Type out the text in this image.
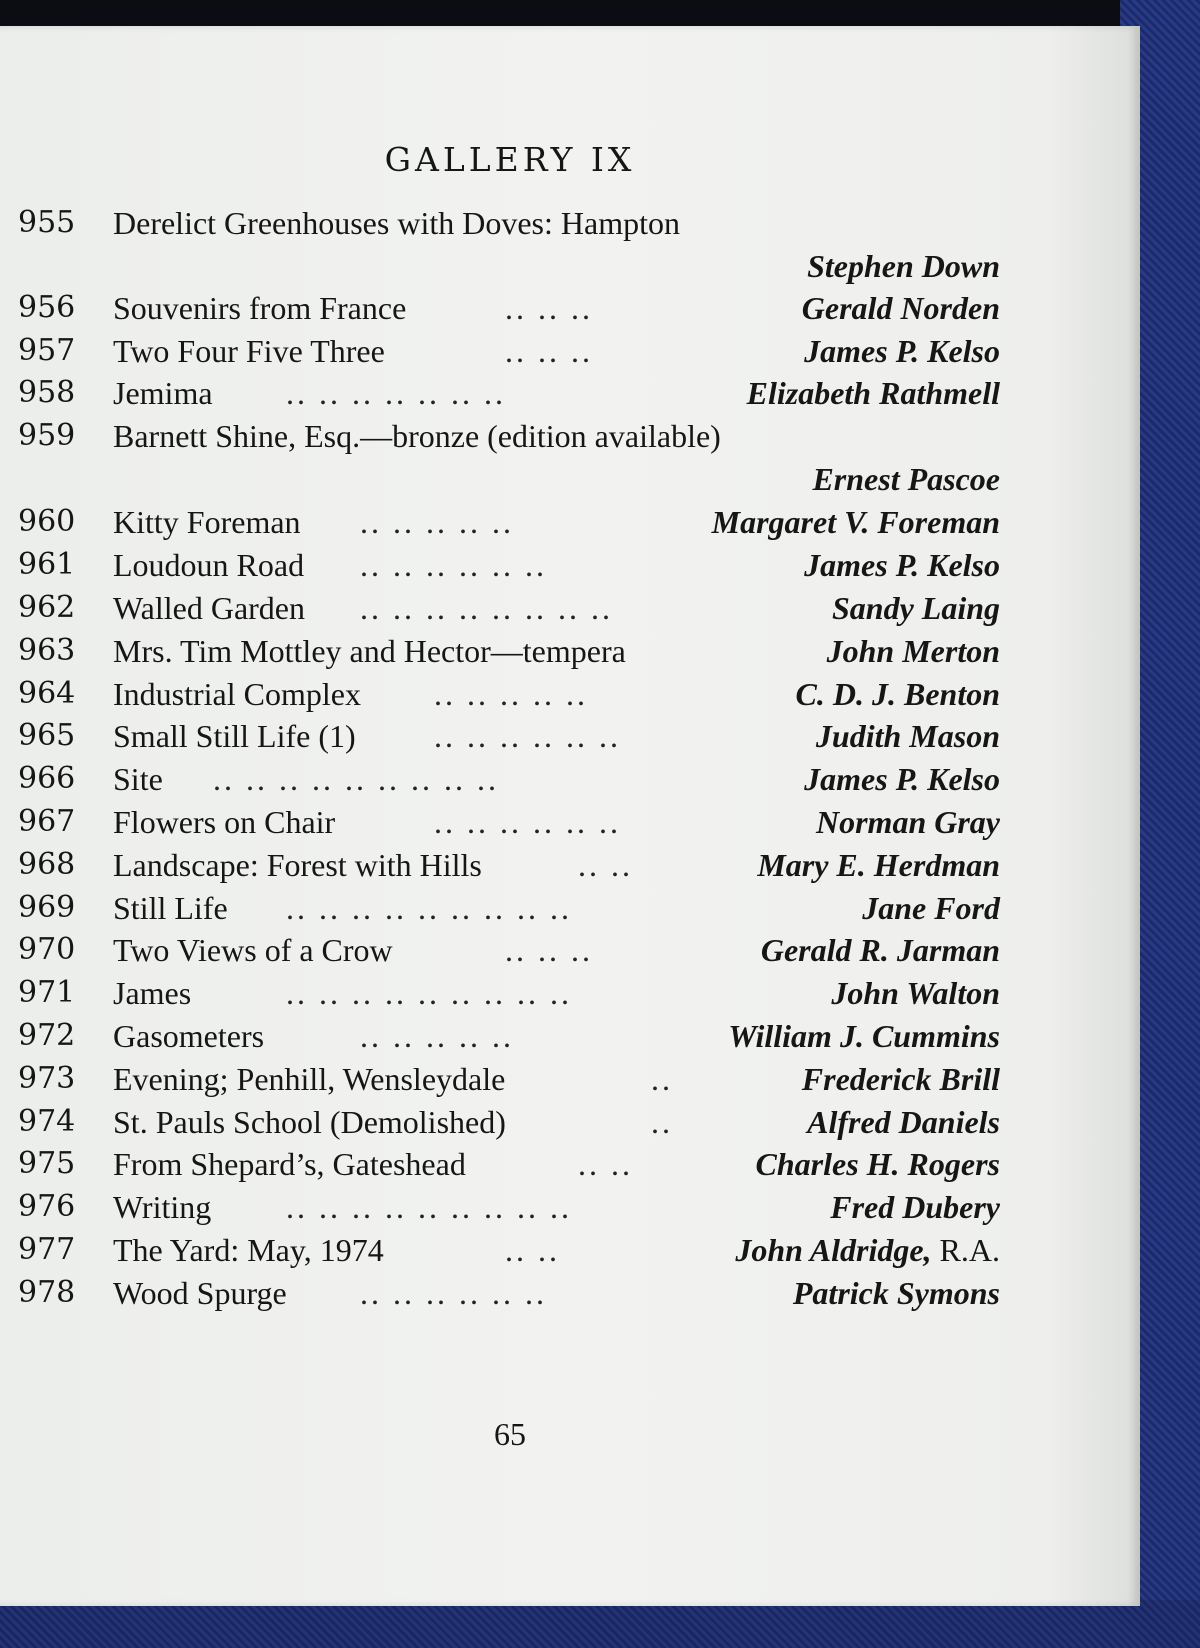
GALLERY IX
955	Derelict Greenhouses with Doves: Hampton
Stephen Down
956	Souvenirs from France	.. .. ..	Gerald Norden
957	Two Four Five Three	.. .. ..	James P. Kelso
958	Jemima .. .. .. .. .. .. ..	Elizabeth Rathmell
959	Barnett Shine, Esq.—bronze (edition available)
Ernest Pascoe
960	Kitty Foreman .. .. .. .. ..	Margaret V. Foreman
961	Loudoun Road .. .. .. .. .. ..	James P. Kelso
962	Walled Garden .. .. .. .. .. .. .. ..	Sandy Laing
963	Mrs. Tim Mottley and Hector—tempera	John Merton
964	Industrial Complex .. .. .. .. ..	C. D. J. Benton
965	Small Still Life (1) .. .. .. .. .. ..	Judith Mason
966	Site .. .. .. .. .. .. .. .. ..	James P. Kelso
967	Flowers on Chair	.. .. .. .. .. ..	Norman Gray
968	Landscape: Forest with Hills	.. ..	Mary E. Herdman
969	Still Life .. .. .. .. .. .. .. .. ..	Jane Ford
970	Two Views of a Crow	.. .. ..	Gerald R. Jarman
971	James	.. .. .. .. .. .. .. .. ..	John Walton
972	Gasometers	.. .. .. .. ..	William J. Cummins
973	Evening; Penhill, Wensleydale	..	Frederick Brill
974	St. Pauls School (Demolished)	..	Alfred Daniels
975	From Shepard’s, Gateshead	.. ..	Charles H. Rogers
976	Writing .. .. .. .. .. .. .. .. ..	Fred Dubery
977	The Yard: May, 1974	.. ..	John Aldridge, R.A.
978	Wood Spurge .. .. .. .. .. ..	Patrick Symons
65
